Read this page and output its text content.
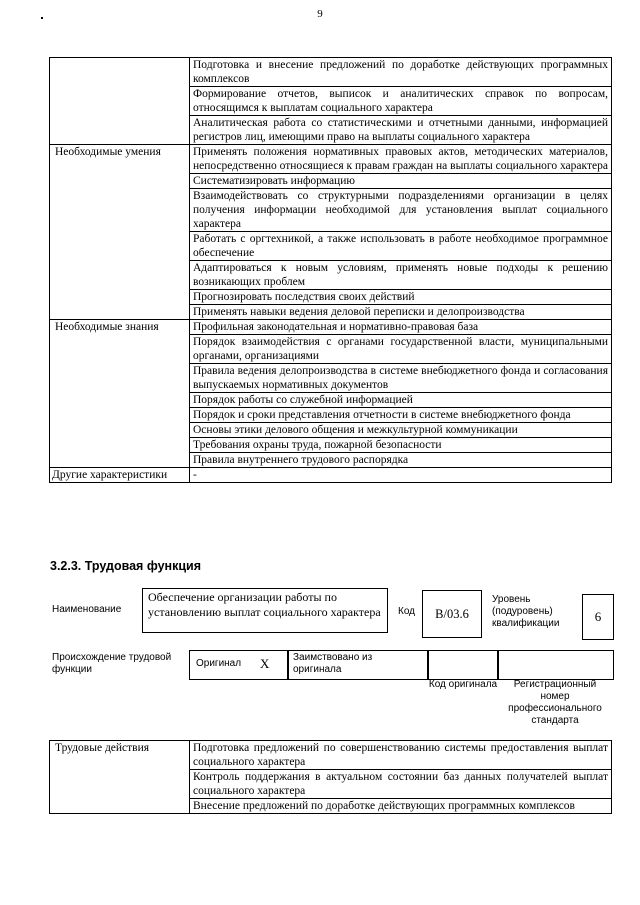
9
	Подготовка и внесение предложений по доработке действующих программных комплексов
	Формирование отчетов, выписок и аналитических справок по вопросам, относящимся к выплатам социального характера
	Аналитическая работа со статистическими и отчетными данными, информацией регистров лиц, имеющими право на выплаты социального характера
Необходимые умения	Применять положения нормативных правовых актов, методических материалов, непосредственно относящиеся к правам граждан на выплаты социального характера
	Систематизировать информацию
	Взаимодействовать со структурными подразделениями организации в целях получения информации необходимой для установления выплат социального характера
	Работать с оргтехникой, а также использовать в работе необходимое программное обеспечение
	Адаптироваться к новым условиям, применять новые подходы к решению возникающих проблем
	Прогнозировать последствия своих действий
	Применять навыки ведения деловой переписки и делопроизводства
Необходимые знания	Профильная законодательная и нормативно-правовая база
	Порядок взаимодействия с органами государственной власти, муниципальными органами, организациями
	Правила ведения делопроизводства в системе внебюджетного фонда и согласования выпускаемых нормативных документов
	Порядок работы со служебной информацией
	Порядок и сроки представления отчетности в системе внебюджетного фонда
	Основы этики делового общения и межкультурной коммуникации
	Требования охраны труда, пожарной безопасности
	Правила внутреннего трудового распорядка
Другие характеристики	-
3.2.3. Трудовая функция
Наименование
Обеспечение организации работы по установлению выплат социального характера	Код	B/03.6
Уровень (подуровень) квалификации	6
Происхождение трудовой функции
Оригинал X Заимствовано из оригинала
Код оригинала	Регистрационный номер профессионального стандарта
Трудовые действия	Подготовка предложений по совершенствованию системы предоставления выплат социального характера
Контроль поддержания в актуальном состоянии баз данных получателей выплат социального характера
Внесение предложений по доработке действующих программных комплексов
